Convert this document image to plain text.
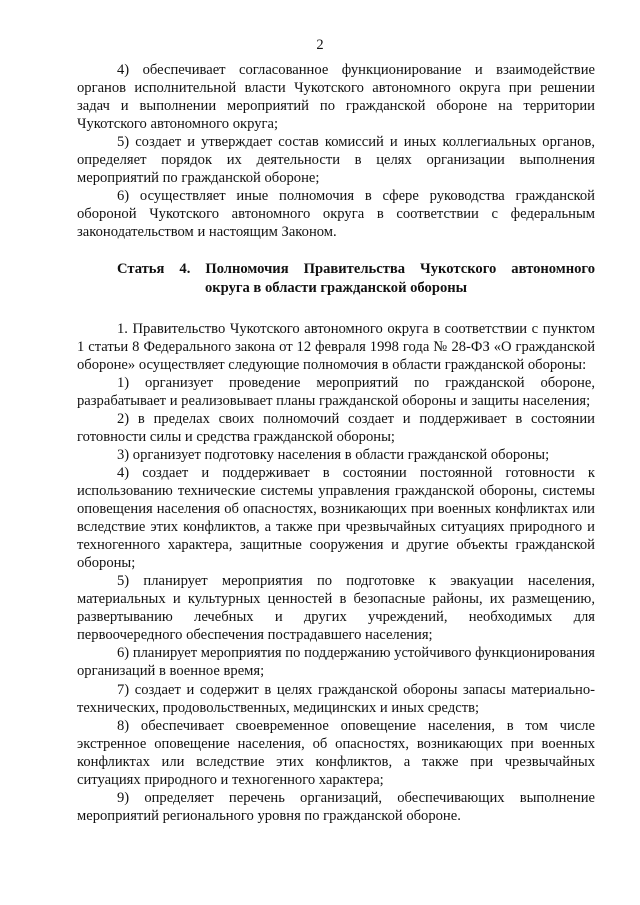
2

4) обеспечивает согласованное функционирование и взаимодействие органов исполнительной власти Чукотского автономного округа при решении задач и выполнении мероприятий по гражданской обороне на территории Чукотского автономного округа;

5) создает и утверждает состав комиссий и иных коллегиальных органов, определяет порядок их деятельности в целях организации выполнения мероприятий по гражданской обороне;

6) осуществляет иные полномочия в сфере руководства гражданской обороной Чукотского автономного округа в соответствии с федеральным законодательством и настоящим Законом.

Статья 4. Полномочия Правительства Чукотского автономного
округа в области гражданской обороны

1. Правительство Чукотского автономного округа в соответствии с пунктом 1 статьи 8 Федерального закона от 12 февраля 1998 года № 28-ФЗ «О гражданской обороне» осуществляет следующие полномочия в области гражданской обороны:

1) организует проведение мероприятий по гражданской обороне, разрабатывает и реализовывает планы гражданской обороны и защиты населения;

2) в пределах своих полномочий создает и поддерживает в состоянии готовности силы и средства гражданской обороны;

3) организует подготовку населения в области гражданской обороны;

4) создает и поддерживает в состоянии постоянной готовности к использованию технические системы управления гражданской обороны, системы оповещения населения об опасностях, возникающих при военных конфликтах или вследствие этих конфликтов, а также при чрезвычайных ситуациях природного и техногенного характера, защитные сооружения и другие объекты гражданской обороны;

5) планирует мероприятия по подготовке к эвакуации населения, материальных и культурных ценностей в безопасные районы, их размещению, развертыванию лечебных и других учреждений, необходимых для первоочередного обеспечения пострадавшего населения;

6) планирует мероприятия по поддержанию устойчивого функционирования организаций в военное время;

7) создает и содержит в целях гражданской обороны запасы материально-технических, продовольственных, медицинских и иных средств;

8) обеспечивает своевременное оповещение населения, в том числе экстренное оповещение населения, об опасностях, возникающих при военных конфликтах или вследствие этих конфликтов, а также при чрезвычайных ситуациях природного и техногенного характера;

9) определяет перечень организаций, обеспечивающих выполнение мероприятий регионального уровня по гражданской обороне.
